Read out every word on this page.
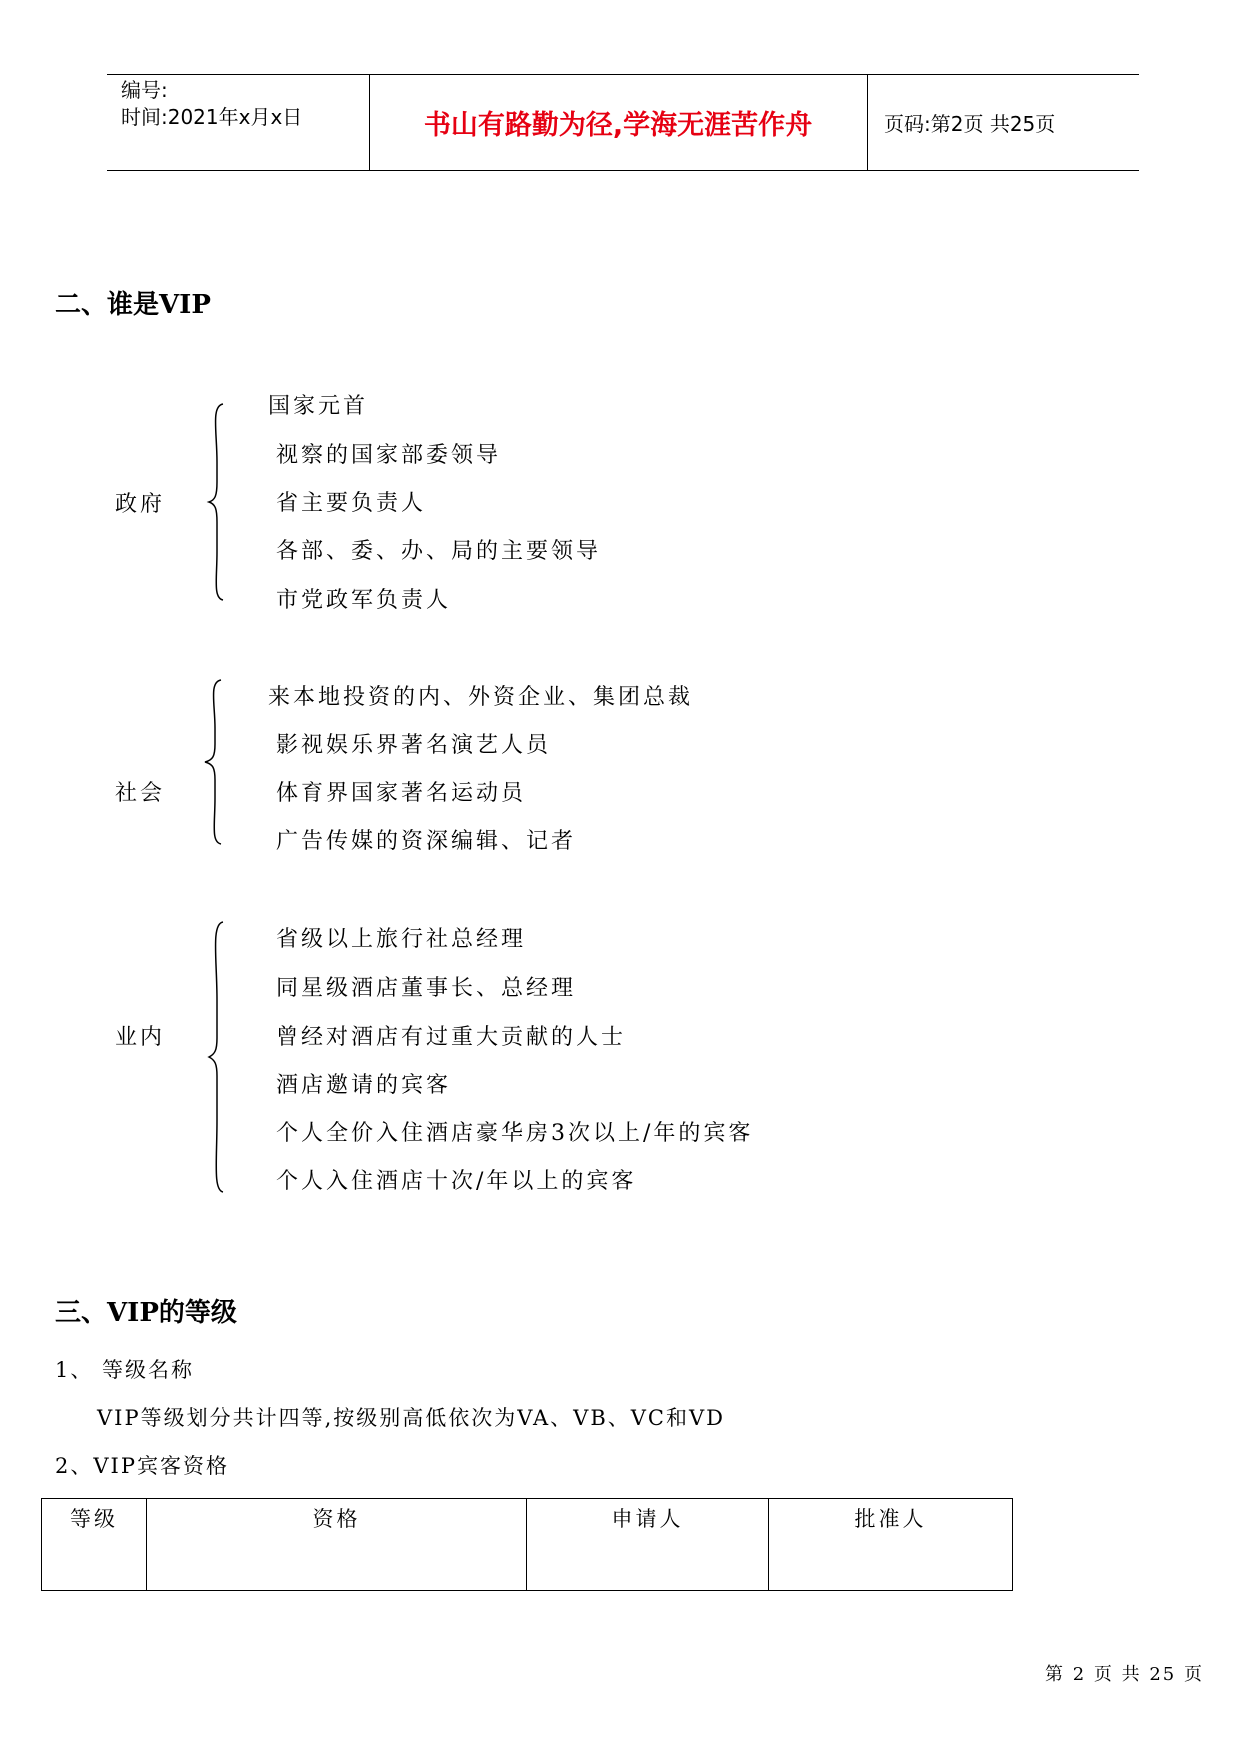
编号:
时间:2021年x月x日	书山有路勤为径,学海无涯苦作舟	页码:第2页 共25页
二、谁是VIP
政府
国家元首
视察的国家部委领导
省主要负责人
各部、委、办、局的主要领导
市党政军负责人
社会
来本地投资的内、外资企业、集团总裁
影视娱乐界著名演艺人员
体育界国家著名运动员
广告传媒的资深编辑、记者
业内
省级以上旅行社总经理
同星级酒店董事长、总经理
曾经对酒店有过重大贡献的人士
酒店邀请的宾客
个人全价入住酒店豪华房3次以上/年的宾客
个人入住酒店十次/年以上的宾客
三、VIP的等级
1、 等级名称
VIP等级划分共计四等,按级别高低依次为VA、VB、VC和VD
2、VIP宾客资格
等级	资格	申请人	批准人
第 2 页 共 25 页
